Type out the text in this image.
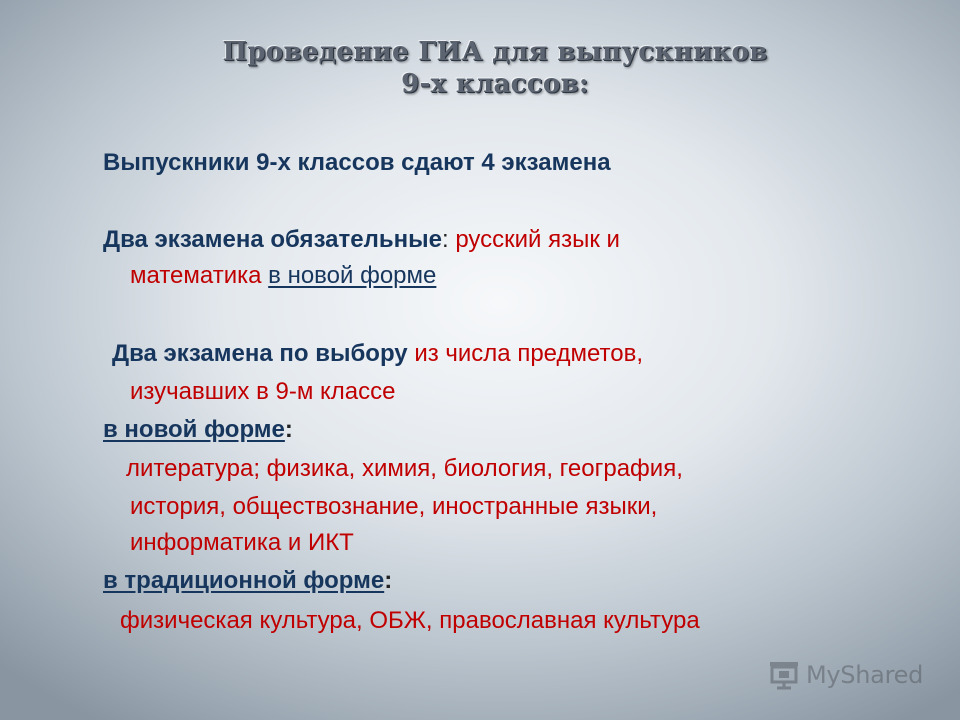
Проведение ГИА для выпускников
9-х классов:
Выпускники 9-х классов сдают 4 экзамена
Два экзамена обязательные: русский язык и
математика в новой форме
Два экзамена по выбору из числа предметов,
изучавших в 9-м классе
в новой форме:
литература; физика, химия, биология, география,
история, обществознание, иностранные языки,
информатика и ИКТ
в традиционной форме:
физическая культура, ОБЖ, православная культура
MyShared
